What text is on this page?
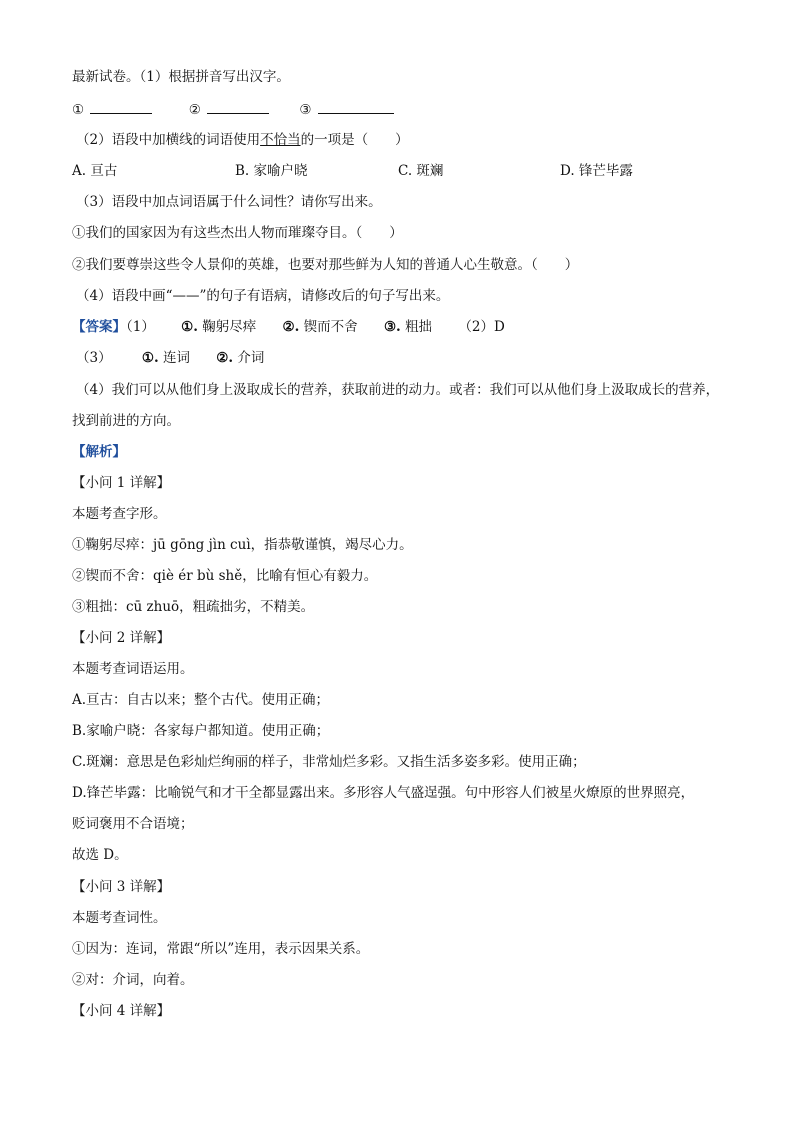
最新试卷。（1）根据拼音写出汉字。
①	②	③
（2）语段中加横线的词语使用不恰当的一项是（　　）
A. 亘古	B. 家喻户晓	C. 斑斓	D. 锋芒毕露
（3）语段中加点词语属于什么词性？请你写出来。
①我们的国家因为有这些杰出人物而璀璨夺目。（　　）
②我们要尊崇这些令人景仰的英雄，也要对那些鲜为人知的普通人心生敬意。（　　）
（4）语段中画“——”的句子有语病，请修改后的句子写出来。
【答案】（1） ①. 鞠躬尽瘁 ②. 锲而不舍 ③. 粗拙 （2）D
（3） ①. 连词 ②. 介词
（4）我们可以从他们身上汲取成长的营养，获取前进的动力。或者：我们可以从他们身上汲取成长的营养，
找到前进的方向。
【解析】
【小问 1 详解】
本题考查字形。
①鞠躬尽瘁：jū gōng jìn cuì，指恭敬谨慎，竭尽心力。
②锲而不舍：qiè ér bù shě，比喻有恒心有毅力。
③粗拙：cū zhuō，粗疏拙劣，不精美。
【小问 2 详解】
本题考查词语运用。
A.亘古：自古以来；整个古代。使用正确；
B.家喻户晓：各家每户都知道。使用正确；
C.斑斓：意思是色彩灿烂绚丽的样子，非常灿烂多彩。又指生活多姿多彩。使用正确；
D.锋芒毕露：比喻锐气和才干全都显露出来。多形容人气盛逞强。句中形容人们被星火燎原的世界照亮，
贬词褒用不合语境；
故选 D。
【小问 3 详解】
本题考查词性。
①因为：连词，常跟“所以”连用，表示因果关系。
②对：介词，向着。
【小问 4 详解】
